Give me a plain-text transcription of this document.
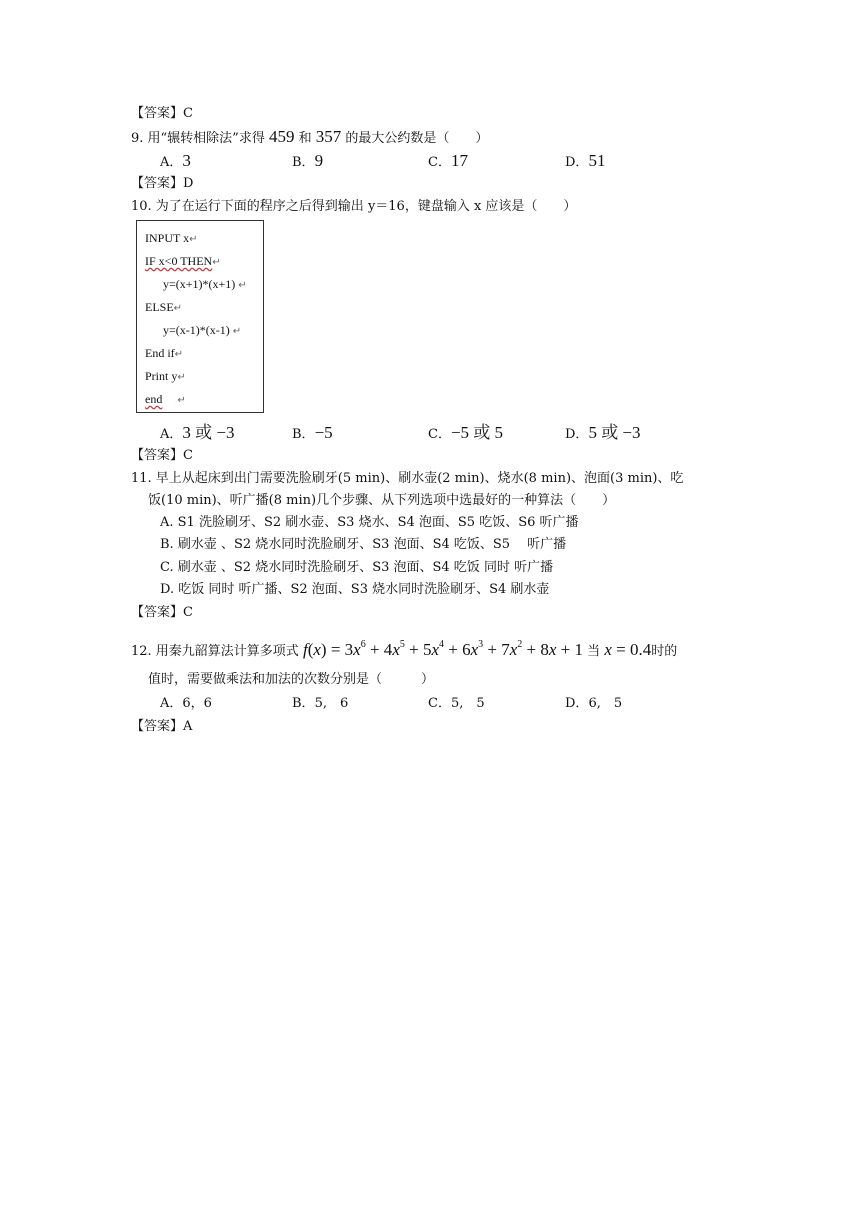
【答案】C
9. 用“辗转相除法”求得 459 和 357 的最大公约数是（　　）
A．3	B．9	C．17	D．51
【答案】D
10. 为了在运行下面的程序之后得到输出 y＝16，键盘输入 x 应该是（　　）
INPUT x↵
IF x<0 THEN↵
y=(x+1)*(x+1) ↵
ELSE↵
y=(x-1)*(x-1) ↵
End if↵
Print y↵
end ↵
A．3 或 −3	B．−5	C．−5 或 5	D．5 或 −3
【答案】C
11. 早上从起床到出门需要洗脸刷牙(5 min)、刷水壶(2 min)、烧水(8 min)、泡面(3 min)、吃
饭(10 min)、听广播(8 min)几个步骤、从下列选项中选最好的一种算法（　　）
A. S1 洗脸刷牙、S2 刷水壶、S3 烧水、S4 泡面、S5 吃饭、S6 听广播
B. 刷水壶 、S2 烧水同时洗脸刷牙、S3 泡面、S4 吃饭、S5　 听广播
C. 刷水壶 、S2 烧水同时洗脸刷牙、S3 泡面、S4 吃饭 同时 听广播
D. 吃饭 同时 听广播、S2 泡面、S3 烧水同时洗脸刷牙、S4 刷水壶
【答案】C
12. 用秦九韶算法计算多项式 $f(x) = 3x^6 + 4x^5 + 5x^4 + 6x^3 + 7x^2 + 8x + 1$ 当 x = 0.4时的
值时，需要做乘法和加法的次数分别是（　　　）
A．6，6	B．5,　6	C．5,　5	D．6,　5
【答案】A
